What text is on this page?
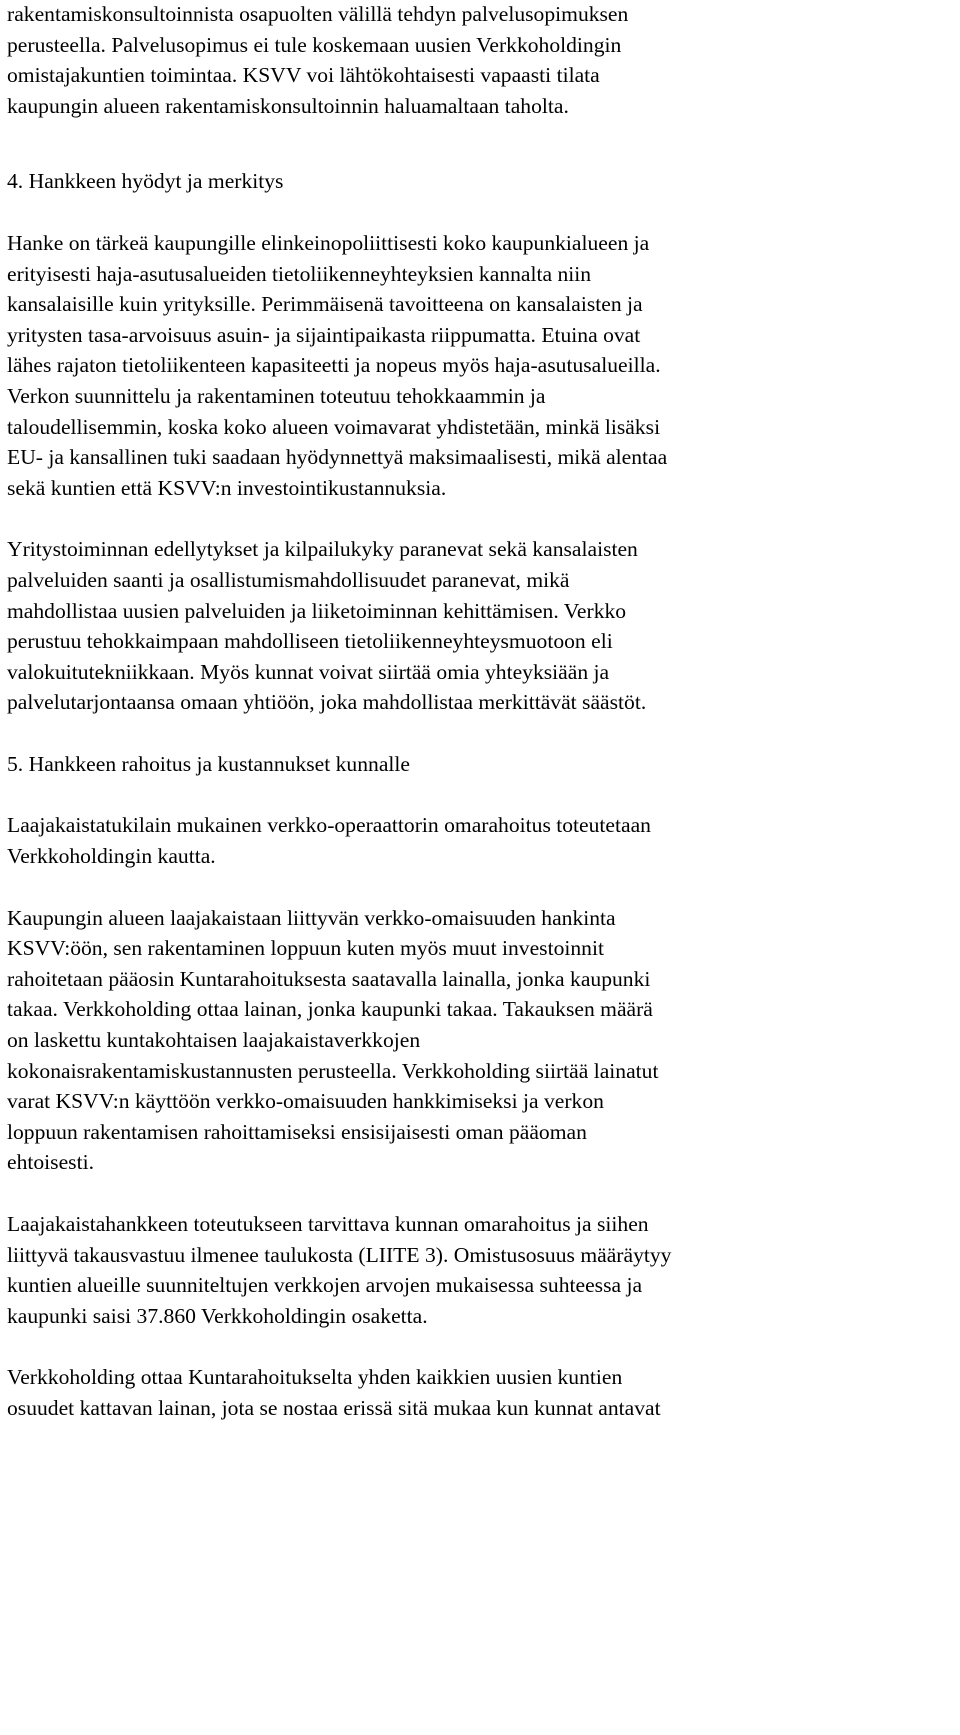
rakentamiskonsultoinnista osapuolten välillä tehdyn palvelusopimuksen
perusteella. Palvelusopimus ei tule koskemaan uusien Verkkoholdingin
omistajakuntien toimintaa. KSVV voi lähtökohtaisesti vapaasti tilata
kaupungin alueen rakentamiskonsultoinnin haluamaltaan taholta.
4. Hankkeen hyödyt ja merkitys
Hanke on tärkeä kaupungille elinkeinopoliittisesti koko kaupunkialueen ja
erityisesti haja-asutusalueiden tietoliikenneyhteyksien kannalta niin
kansalaisille kuin yrityksille. Perimmäisenä tavoitteena on kansalaisten ja
yritysten tasa-arvoisuus asuin- ja sijaintipaikasta riippumatta. Etuina ovat
lähes rajaton tietoliikenteen kapasiteetti ja nopeus myös haja-asutusalueilla.
Verkon suunnittelu ja rakentaminen toteutuu tehokkaammin ja
taloudellisemmin, koska koko alueen voimavarat yhdistetään, minkä lisäksi
EU- ja kansallinen tuki saadaan hyödynnettyä maksimaalisesti, mikä alentaa
sekä kuntien että KSVV:n investointikustannuksia.
Yritystoiminnan edellytykset ja kilpailukyky paranevat sekä kansalaisten
palveluiden saanti ja osallistumismahdollisuudet paranevat, mikä
mahdollistaa uusien palveluiden ja liiketoiminnan kehittämisen. Verkko
perustuu tehokkaimpaan mahdolliseen tietoliikenneyhteysmuotoon eli
valokuitutekniikkaan. Myös kunnat voivat siirtää omia yhteyksiään ja
palvelutarjontaansa omaan yhtiöön, joka mahdollistaa merkittävät säästöt.
5. Hankkeen rahoitus ja kustannukset kunnalle
Laajakaistatukilain mukainen verkko-operaattorin omarahoitus toteutetaan
Verkkoholdingin kautta.
Kaupungin alueen laajakaistaan liittyvän verkko-omaisuuden hankinta
KSVV:öön, sen rakentaminen loppuun kuten myös muut investoinnit
rahoitetaan pääosin Kuntarahoituksesta saatavalla lainalla, jonka kaupunki
takaa. Verkkoholding ottaa lainan, jonka kaupunki takaa. Takauksen määrä
on laskettu kuntakohtaisen laajakaistaverkkojen
kokonaisrakentamiskustannusten perusteella. Verkkoholding siirtää lainatut
varat KSVV:n käyttöön verkko-omaisuuden hankkimiseksi ja verkon
loppuun rakentamisen rahoittamiseksi ensisijaisesti oman pääoman
ehtoisesti.
Laajakaistahankkeen toteutukseen tarvittava kunnan omarahoitus ja siihen
liittyvä takausvastuu ilmenee taulukosta (LIITE 3). Omistusosuus määräytyy
kuntien alueille suunniteltujen verkkojen arvojen mukaisessa suhteessa ja
kaupunki saisi 37.860 Verkkoholdingin osaketta.
Verkkoholding ottaa Kuntarahoitukselta yhden kaikkien uusien kuntien
osuudet kattavan lainan, jota se nostaa erissä sitä mukaa kun kunnat antavat
